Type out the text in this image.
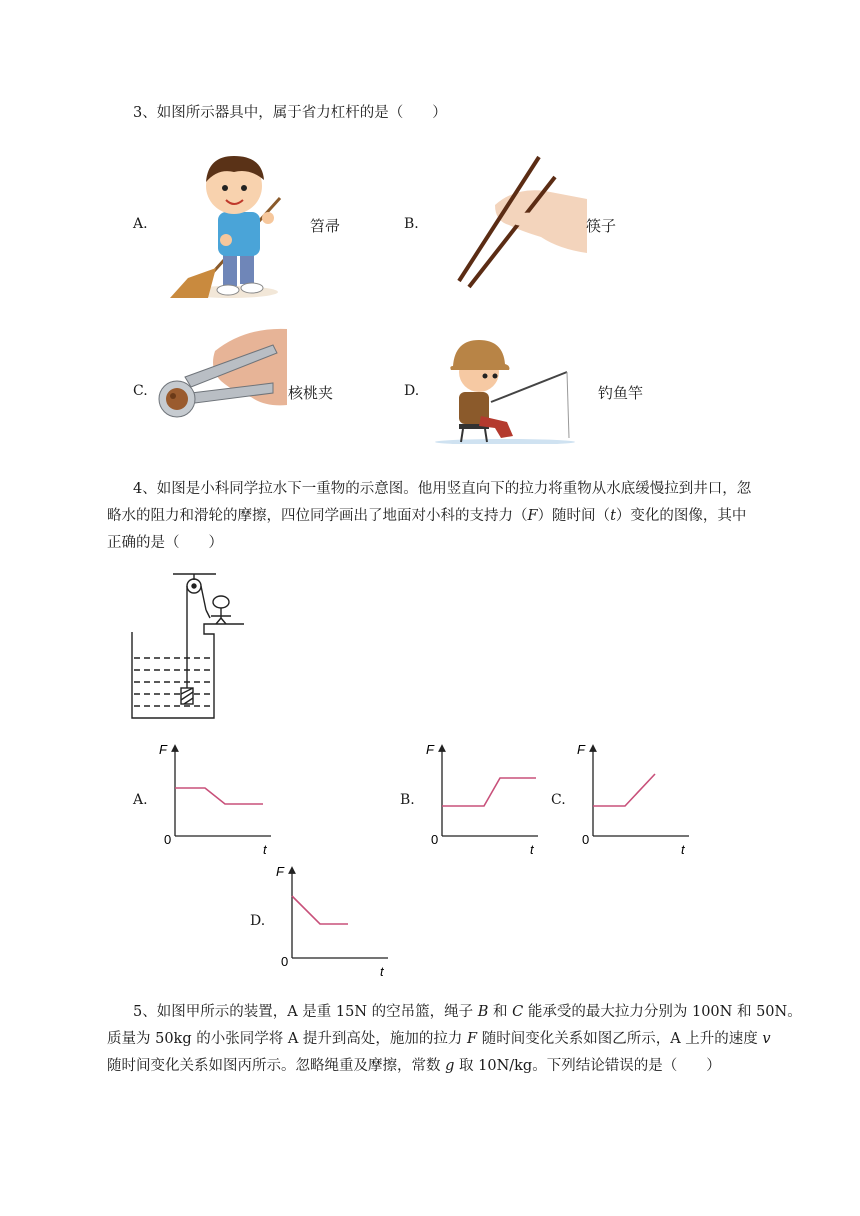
3、如图所示器具中，属于省力杠杆的是（　　）
A.	笤帚	B.	筷子
C.	核桃夹	D.	钓鱼竿
4、如图是小科同学拉水下一重物的示意图。他用竖直向下的拉力将重物从水底缓慢拉到井口，忽
略水的阻力和滑轮的摩擦，四位同学画出了地面对小科的支持力（F）随时间（t）变化的图像，其中
正确的是（　　）
A.
F
0
t
B.
F
0
t
C.
F
0
t
D.
F
0
t
5、如图甲所示的装置，A 是重 15N 的空吊篮，绳子 B 和 C 能承受的最大拉力分别为 100N 和 50N。
质量为 50kg 的小张同学将 A 提升到高处，施加的拉力 F 随时间变化关系如图乙所示，A 上升的速度 v
随时间变化关系如图丙所示。忽略绳重及摩擦，常数 g 取 10N/kg。下列结论错误的是（　　）
